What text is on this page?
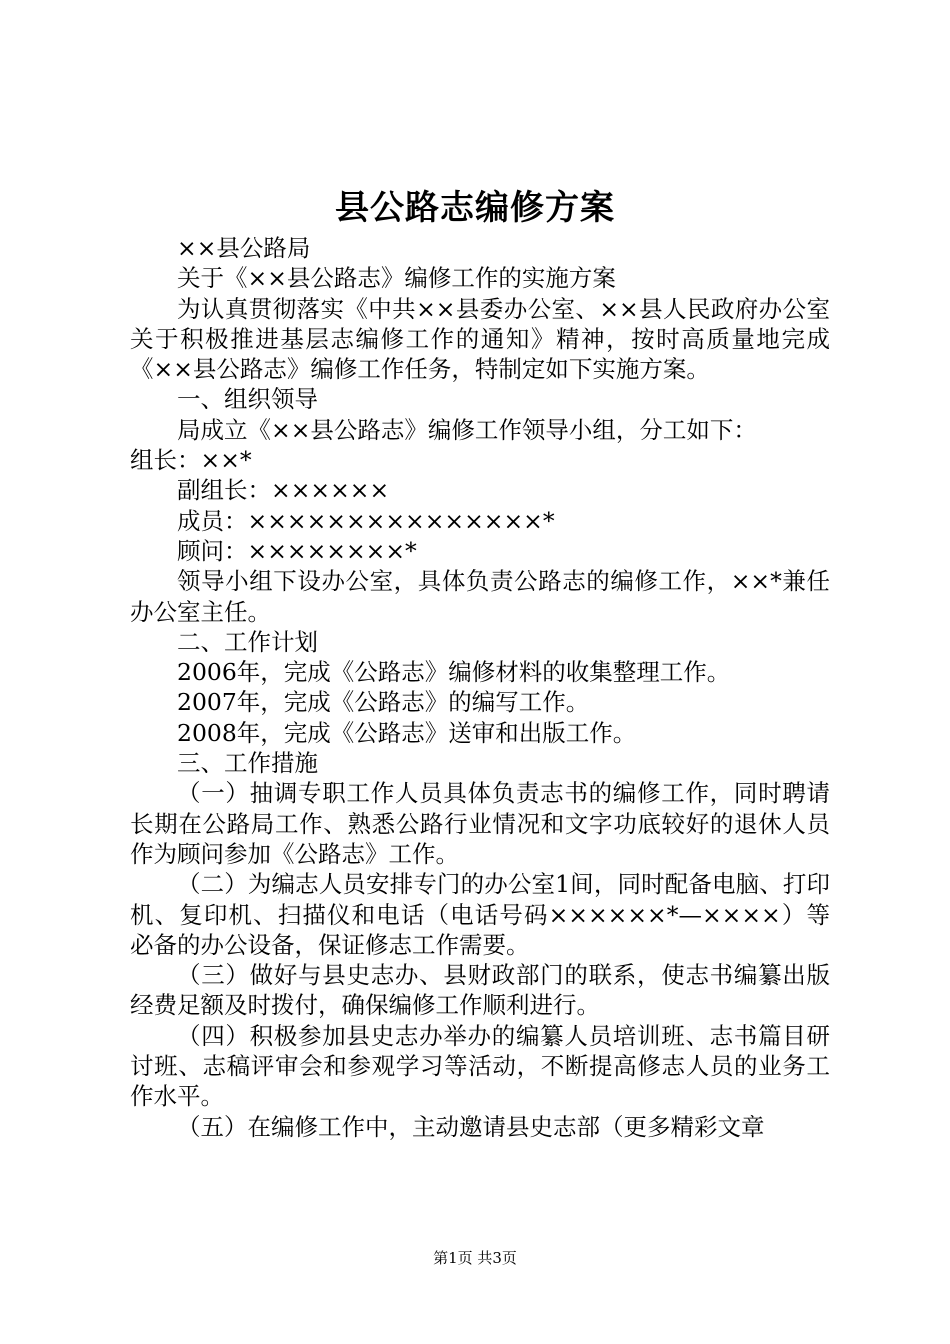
县公路志编修方案

××县公路局

关于《××县公路志》编修工作的实施方案

为认真贯彻落实《中共××县委办公室、××县人民政府办公室关于积极推进基层志编修工作的通知》精神，按时高质量地完成《××县公路志》编修工作任务，特制定如下实施方案。

一、组织领导

局成立《××县公路志》编修工作领导小组，分工如下：

组长：××*

副组长：××××××

成员：×××××××××××××××*

顾问：××××××××*

领导小组下设办公室，具体负责公路志的编修工作，××*兼任办公室主任。

二、工作计划

2006年，完成《公路志》编修材料的收集整理工作。

2007年，完成《公路志》的编写工作。

2008年，完成《公路志》送审和出版工作。

三、工作措施

（一）抽调专职工作人员具体负责志书的编修工作，同时聘请长期在公路局工作、熟悉公路行业情况和文字功底较好的退休人员作为顾问参加《公路志》工作。

（二）为编志人员安排专门的办公室1间，同时配备电脑、打印机、复印机、扫描仪和电话（电话号码××××××*—××××）等必备的办公设备，保证修志工作需要。

（三）做好与县史志办、县财政部门的联系，使志书编纂出版经费足额及时拨付，确保编修工作顺利进行。

（四）积极参加县史志办举办的编纂人员培训班、志书篇目研讨班、志稿评审会和参观学习等活动，不断提高修志人员的业务工作水平。

（五）在编修工作中，主动邀请县史志部（更多精彩文章

第1页 共3页
